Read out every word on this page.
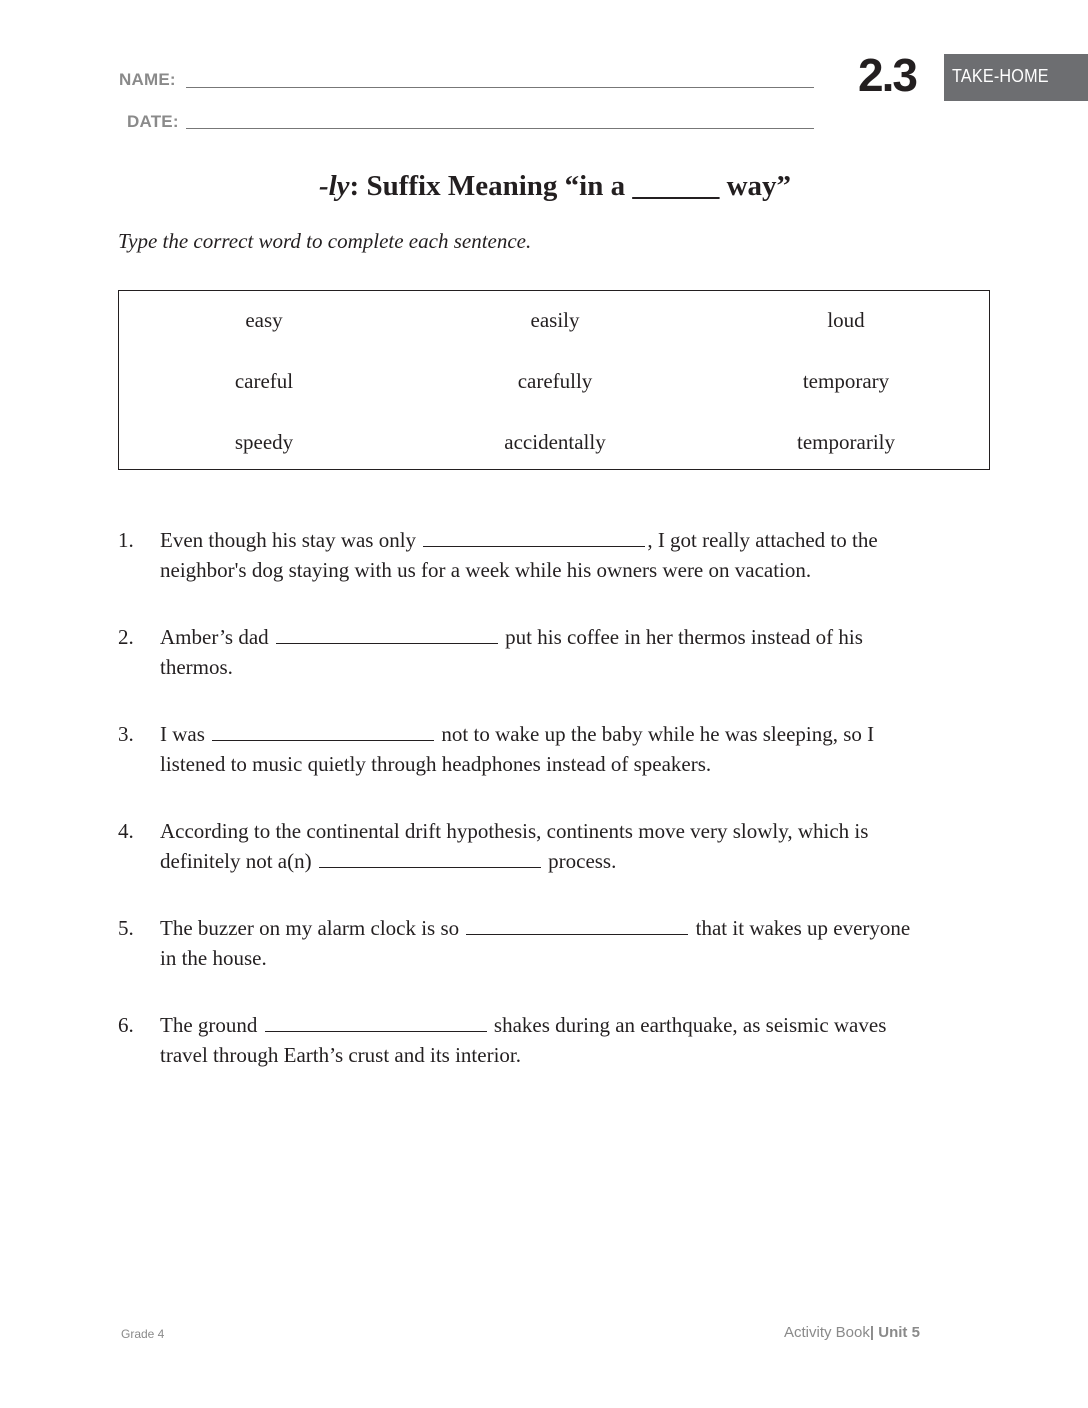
NAME:
DATE:
2.3 TAKE-HOME
-ly: Suffix Meaning “in a ______ way”
Type the correct word to complete each sentence.
easy	easily	loud
careful	carefully	temporary
speedy	accidentally	temporarily
1. Even though his stay was only	, I got really attached to the
neighbor's dog staying with us for a week while his owners were on vacation.
2. Amber’s dad	put his coffee in her thermos instead of his
thermos.
3. I was	not to wake up the baby while he was sleeping, so I
listened to music quietly through headphones instead of speakers.
4. According to the continental drift hypothesis, continents move very slowly, which is
definitely not a(n)	process.
5. The buzzer on my alarm clock is so	that it wakes up everyone
in the house.
6. The ground	shakes during an earthquake, as seismic waves
travel through Earth’s crust and its interior.
Grade 4	Activity Book| Unit 5
